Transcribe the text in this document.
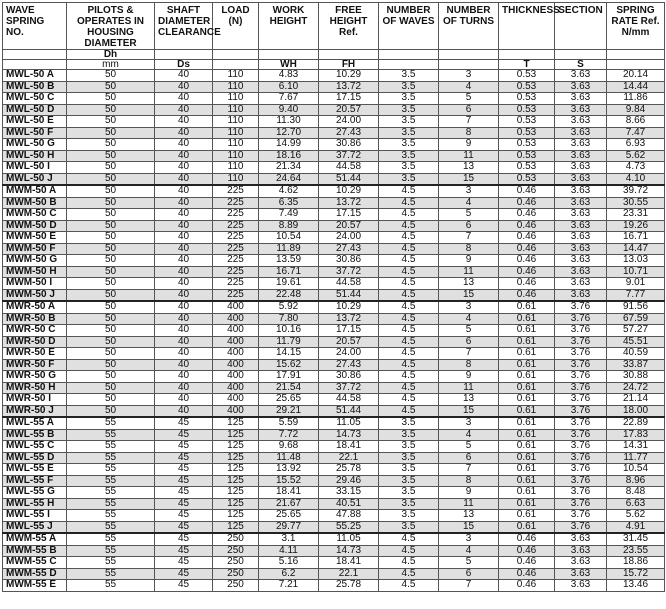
WAVE SPRING NO.	PILOTS & OPERATES IN HOUSING DIAMETER	SHAFT DIAMETER CLEARANCE	LOAD (N)	WORK HEIGHT	FREE HEIGHT Ref.	NUMBER OF WAVES	NUMBER OF TURNS	THICKNESS	SECTION	SPRING RATE Ref. N/mm
	Dh									
	mm	Ds		WH	FH			T	S	
MWL-50 A	50	40	110	4.83	10.29	3.5	3	0.53	3.63	20.14
MWL-50 B	50	40	110	6.10	13.72	3.5	4	0.53	3.63	14.44
MWL-50 C	50	40	110	7.67	17.15	3.5	5	0.53	3.63	11.86
MWL-50 D	50	40	110	9.40	20.57	3.5	6	0.53	3.63	9.84
MWL-50 E	50	40	110	11.30	24.00	3.5	7	0.53	3.63	8.66
MWL-50 F	50	40	110	12.70	27.43	3.5	8	0.53	3.63	7.47
MWL-50 G	50	40	110	14.99	30.86	3.5	9	0.53	3.63	6.93
MWL-50 H	50	40	110	18.16	37.72	3.5	11	0.53	3.63	5.62
MWL-50 I	50	40	110	21.34	44.58	3.5	13	0.53	3.63	4.73
MWL-50 J	50	40	110	24.64	51.44	3.5	15	0.53	3.63	4.10
MWM-50 A	50	40	225	4.62	10.29	4.5	3	0.46	3.63	39.72
MWM-50 B	50	40	225	6.35	13.72	4.5	4	0.46	3.63	30.55
MWM-50 C	50	40	225	7.49	17.15	4.5	5	0.46	3.63	23.31
MWM-50 D	50	40	225	8.89	20.57	4.5	6	0.46	3.63	19.26
MWM-50 E	50	40	225	10.54	24.00	4.5	7	0.46	3.63	16.71
MWM-50 F	50	40	225	11.89	27.43	4.5	8	0.46	3.63	14.47
MWM-50 G	50	40	225	13.59	30.86	4.5	9	0.46	3.63	13.03
MWM-50 H	50	40	225	16.71	37.72	4.5	11	0.46	3.63	10.71
MWM-50 I	50	40	225	19.61	44.58	4.5	13	0.46	3.63	9.01
MWM-50 J	50	40	225	22.48	51.44	4.5	15	0.46	3.63	7.77
MWR-50 A	50	40	400	5.92	10.29	4.5	3	0.61	3.76	91.56
MWR-50 B	50	40	400	7.80	13.72	4.5	4	0.61	3.76	67.59
MWR-50 C	50	40	400	10.16	17.15	4.5	5	0.61	3.76	57.27
MWR-50 D	50	40	400	11.79	20.57	4.5	6	0.61	3.76	45.51
MWR-50 E	50	40	400	14.15	24.00	4.5	7	0.61	3.76	40.59
MWR-50 F	50	40	400	15.62	27.43	4.5	8	0.61	3.76	33.87
MWR-50 G	50	40	400	17.91	30.86	4.5	9	0.61	3.76	30.88
MWR-50 H	50	40	400	21.54	37.72	4.5	11	0.61	3.76	24.72
MWR-50 I	50	40	400	25.65	44.58	4.5	13	0.61	3.76	21.14
MWR-50 J	50	40	400	29.21	51.44	4.5	15	0.61	3.76	18.00
MWL-55 A	55	45	125	5.59	11.05	3.5	3	0.61	3.76	22.89
MWL-55 B	55	45	125	7.72	14.73	3.5	4	0.61	3.76	17.83
MWL-55 C	55	45	125	9.68	18.41	3.5	5	0.61	3.76	14.31
MWL-55 D	55	45	125	11.48	22.1	3.5	6	0.61	3.76	11.77
MWL-55 E	55	45	125	13.92	25.78	3.5	7	0.61	3.76	10.54
MWL-55 F	55	45	125	15.52	29.46	3.5	8	0.61	3.76	8.96
MWL-55 G	55	45	125	18.41	33.15	3.5	9	0.61	3.76	8.48
MWL-55 H	55	45	125	21.67	40.51	3.5	11	0.61	3.76	6.63
MWL-55 I	55	45	125	25.65	47.88	3.5	13	0.61	3.76	5.62
MWL-55 J	55	45	125	29.77	55.25	3.5	15	0.61	3.76	4.91
MWM-55 A	55	45	250	3.1	11.05	4.5	3	0.46	3.63	31.45
MWM-55 B	55	45	250	4.11	14.73	4.5	4	0.46	3.63	23.55
MWM-55 C	55	45	250	5.16	18.41	4.5	5	0.46	3.63	18.86
MWM-55 D	55	45	250	6.2	22.1	4.5	6	0.46	3.63	15.72
MWM-55 E	55	45	250	7.21	25.78	4.5	7	0.46	3.63	13.46
